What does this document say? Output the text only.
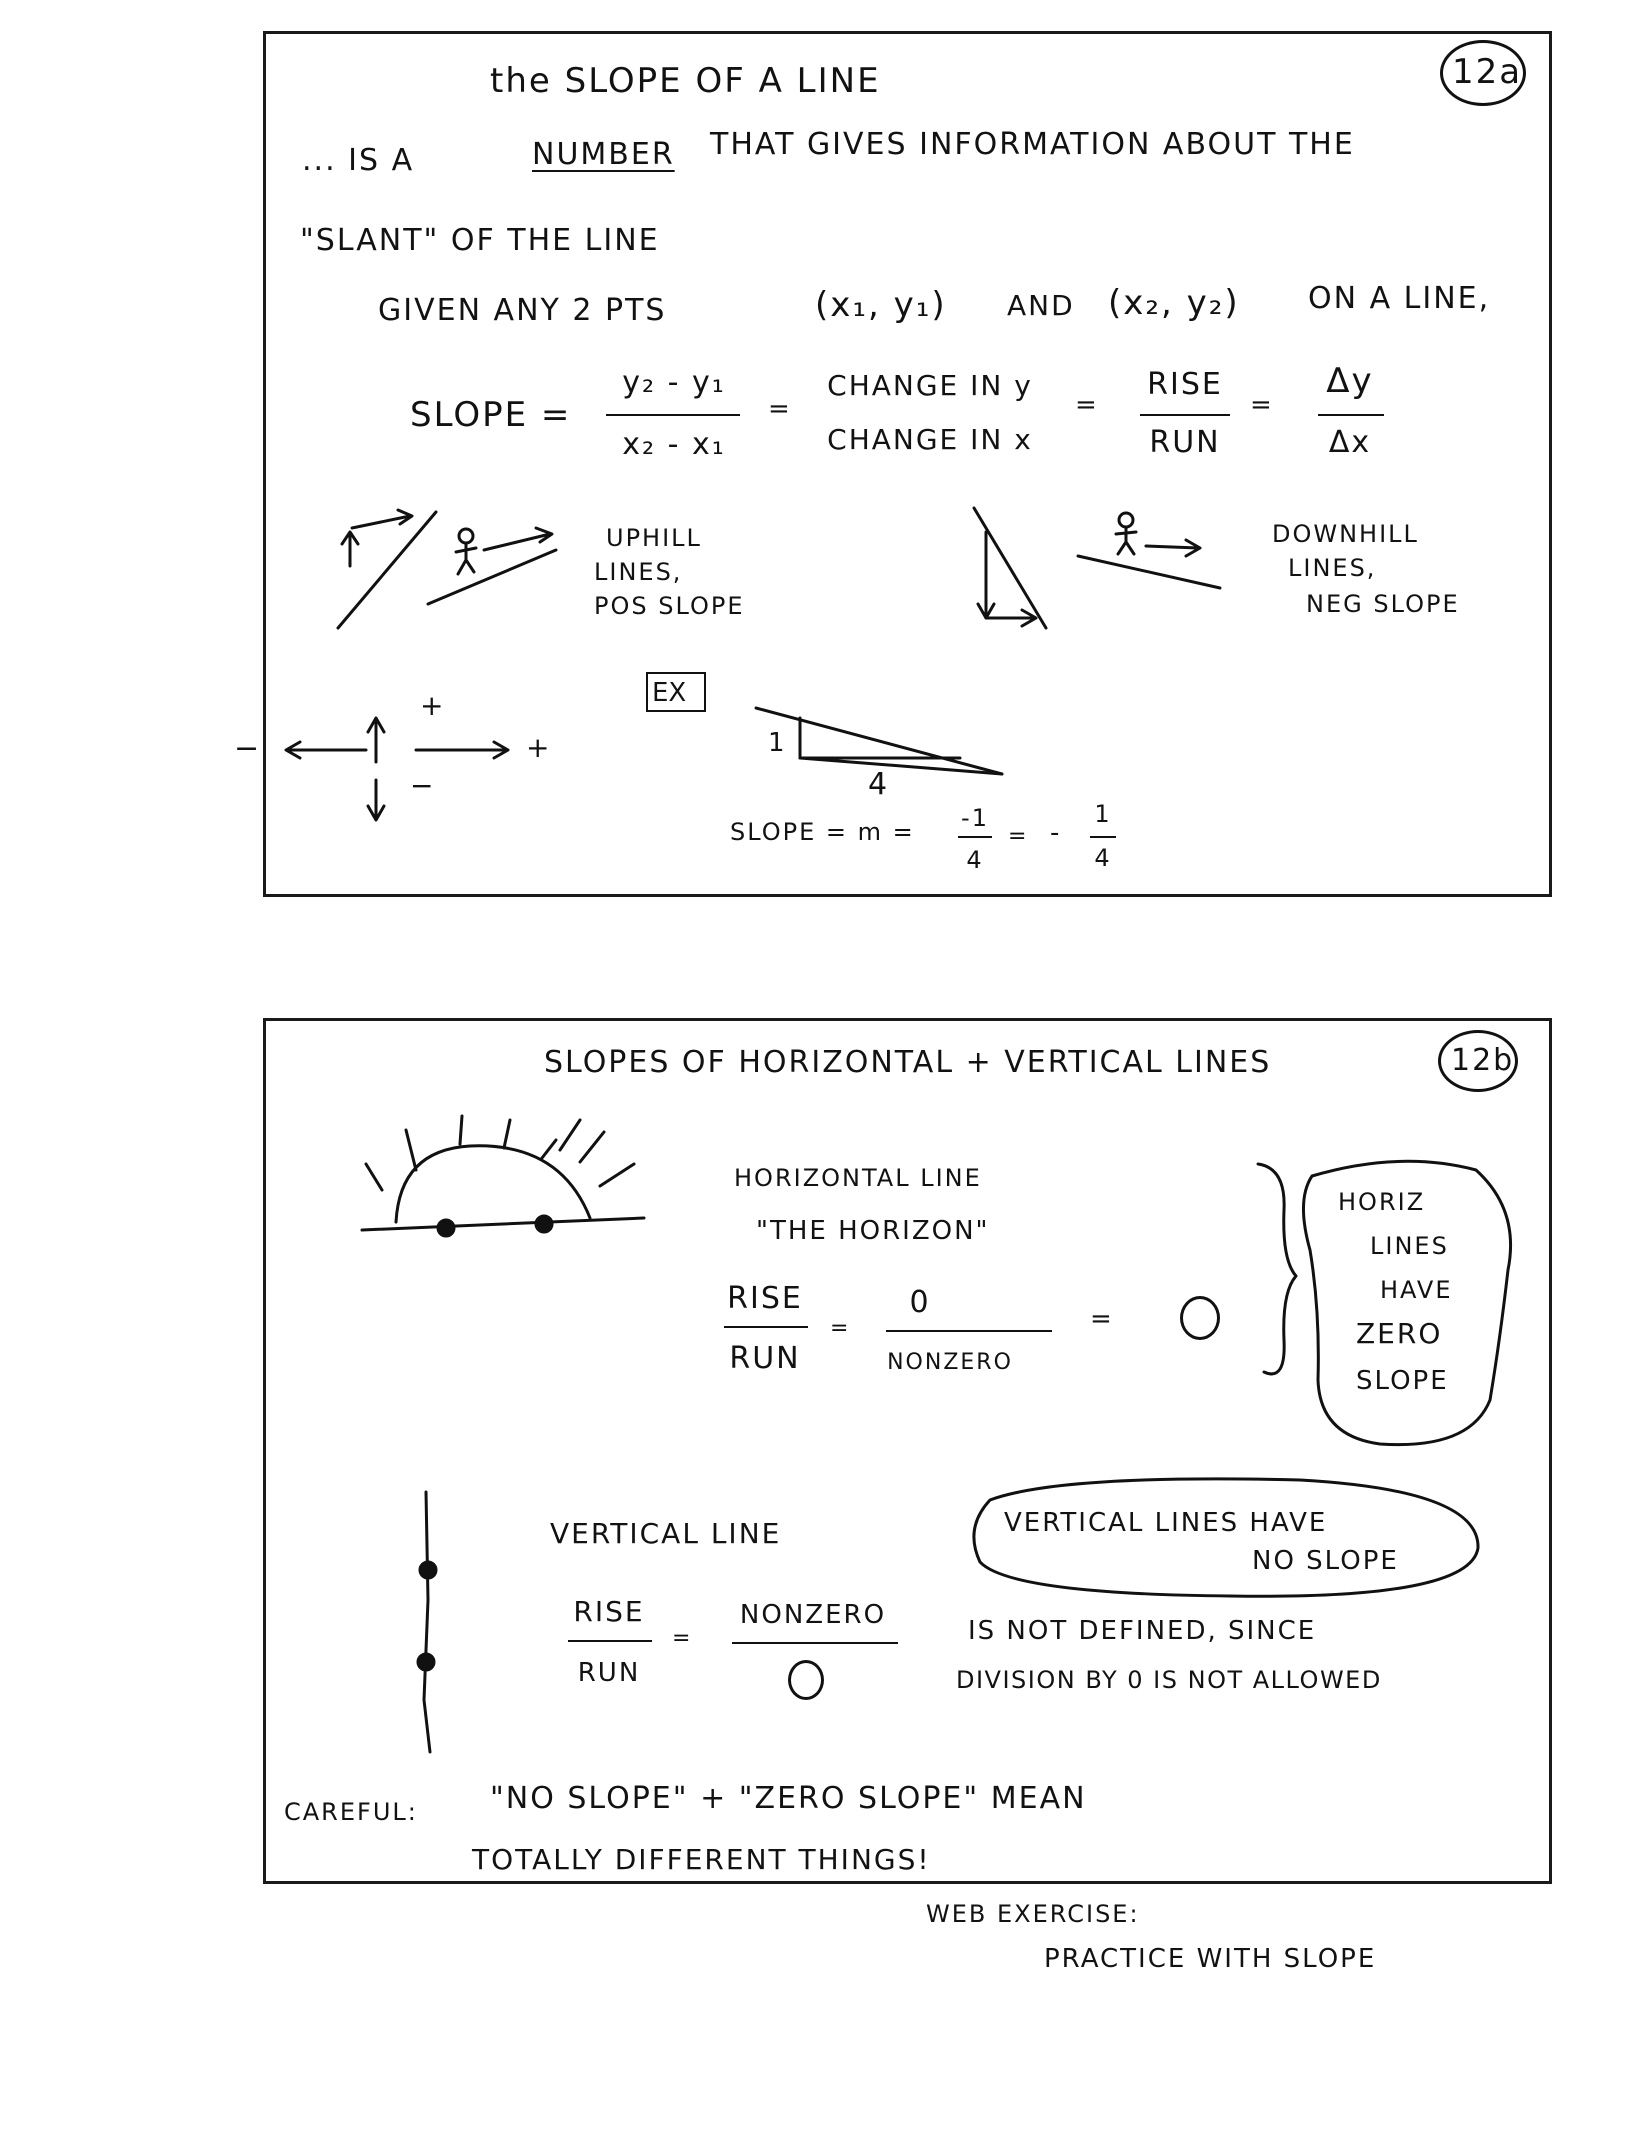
12a
the SLOPE OF A LINE
... IS A	NUMBER THAT GIVES INFORMATION ABOUT THE
"SLANT" OF THE LINE
GIVEN ANY 2 PTS	(x₁, y₁) AND (x₂, y₂) ON A LINE,
SLOPE =
y₂ - y₁
x₂ - x₁
=
CHANGE IN y
CHANGE IN x
=
RISE
RUN
=
Δy
Δx
UPHILL
LINES,
POS SLOPE
DOWNHILL
LINES,
NEG SLOPE
+
−
−	+
EX
1
4
SLOPE = m =	-1
4
= -
1
4
12b
SLOPES OF HORIZONTAL + VERTICAL LINES
HORIZONTAL LINE
"THE HORIZON"
RISE
RUN
=
0
NONZERO
=
HORIZ
LINES
HAVE
ZERO
SLOPE
VERTICAL LINE
RISE
RUN
=
NONZERO
VERTICAL LINES HAVE
NO SLOPE
IS NOT DEFINED, SINCE
DIVISION BY 0 IS NOT ALLOWED
CAREFUL: "NO SLOPE" + "ZERO SLOPE" MEAN
TOTALLY DIFFERENT THINGS!
WEB EXERCISE:
PRACTICE WITH SLOPE
